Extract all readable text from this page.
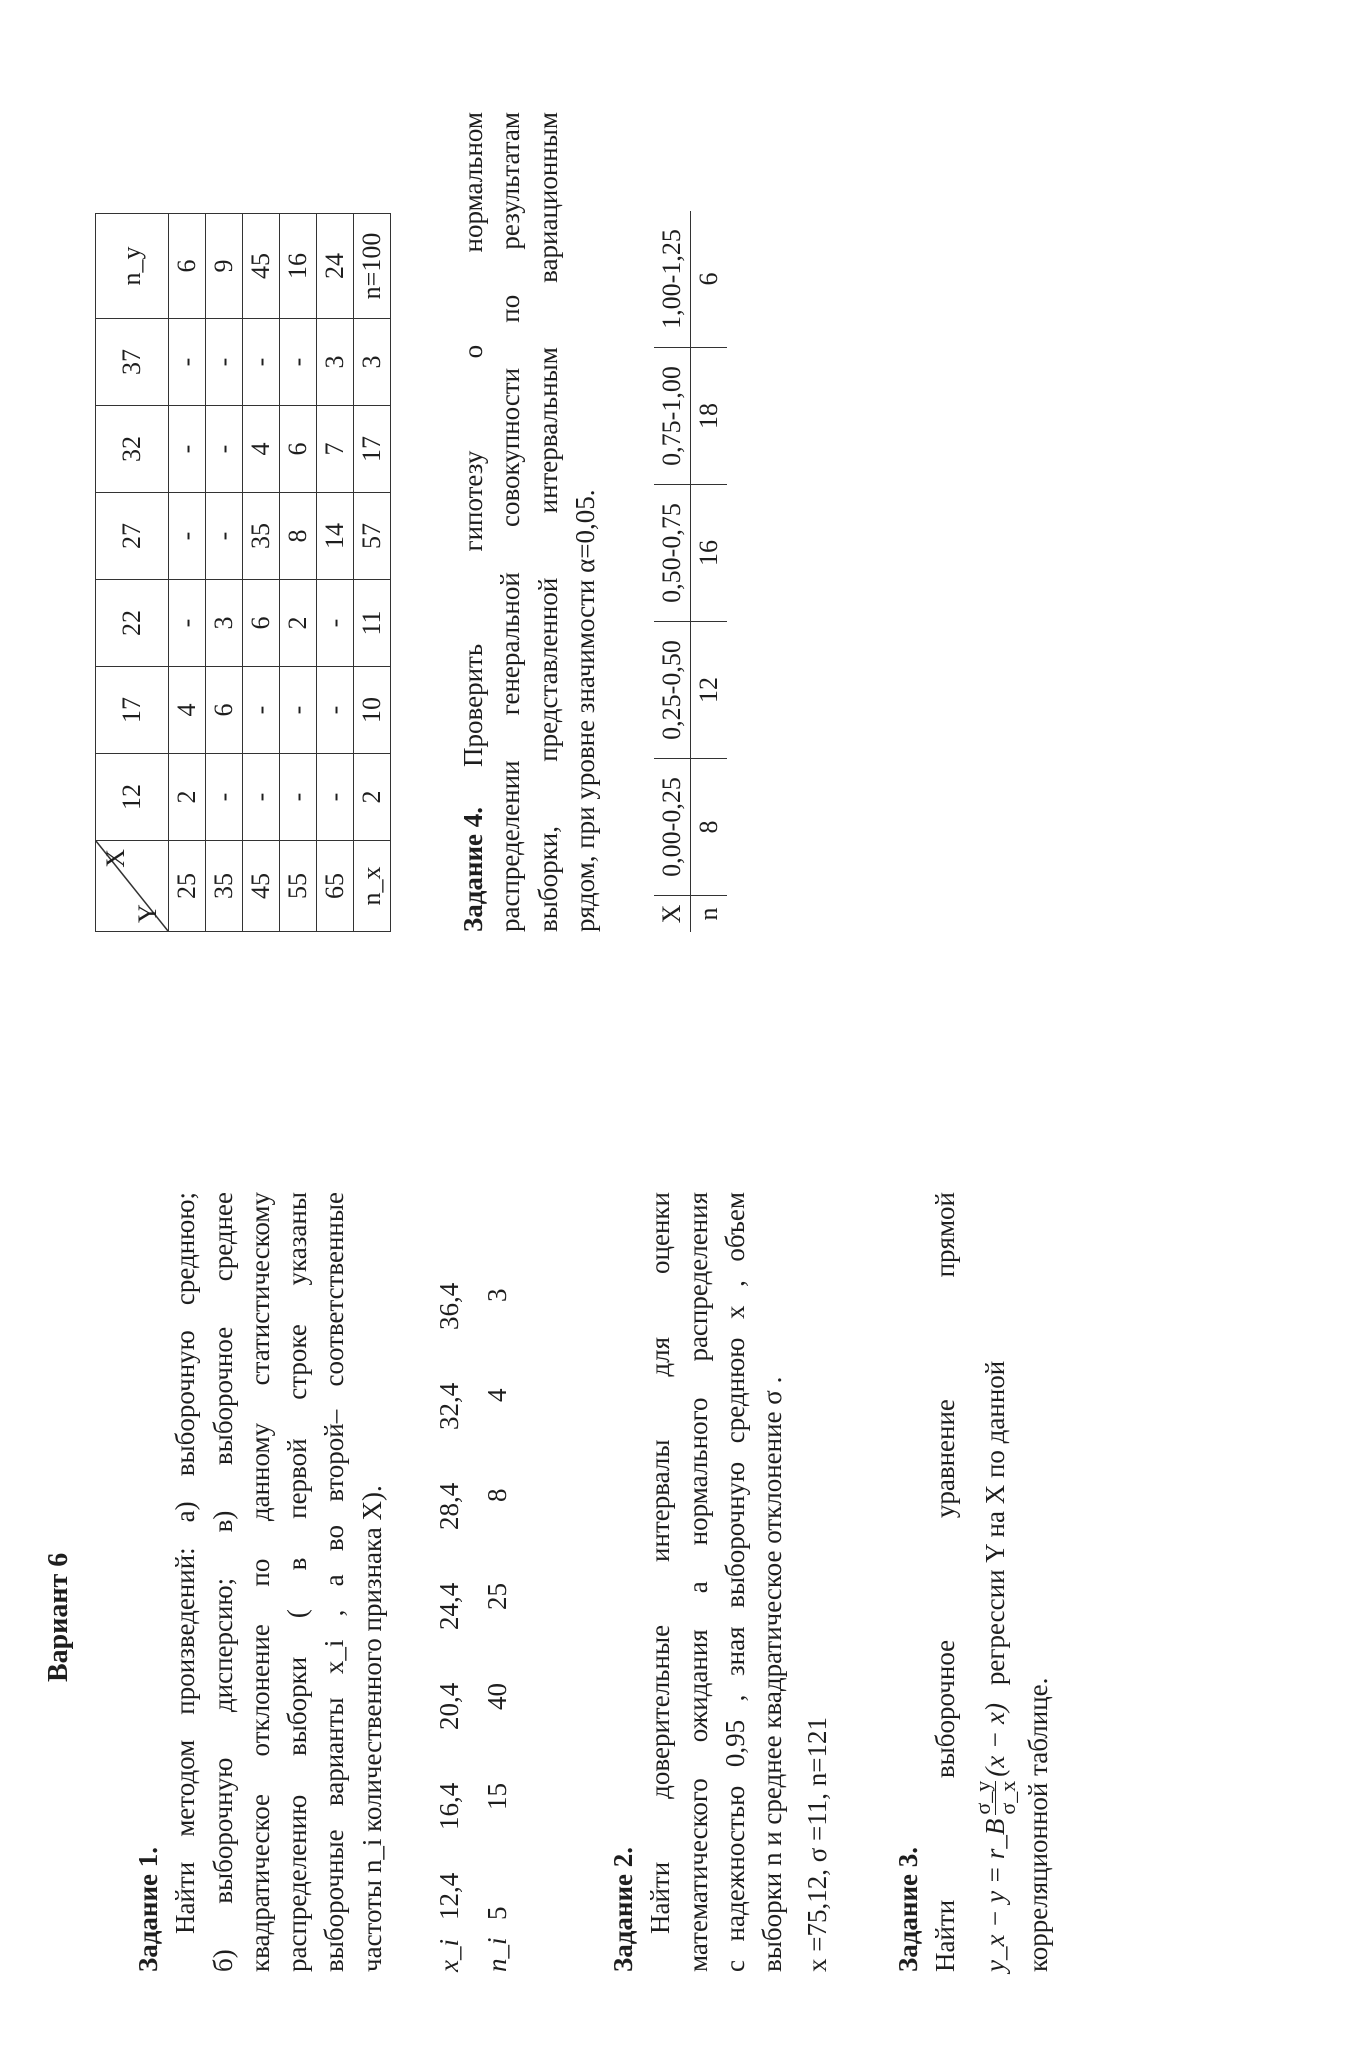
Вариант 6
Задание 1. Найти методом произведений: а) выборочную среднюю; б) выборочную дисперсию; в) выборочное среднее квадратическое отклонение по данному статистическому распределению выборки ( в первой строке указаны выборочные варианты x_i , а во второй– соответственные частоты n_i количественного признака X). x_i
12,4
16,4
20,4
24,4
28,4
32,4
36,4
n_i
5
15
40
25
8
4
3
Задание 2. Найти доверительные интервалы для оценки математического ожидания а нормального распределения с надежностью 0,95 , зная выборочную среднюю x , объем выборки n и среднее квадратическое отклонение σ . x =75,12, σ =11, n=121 Задание 3. Найти выборочное уравнение прямой y_x − y = r_B
σ_y σ_x
(x − x)
регрессии Y на X по данной
корреляционной таблице.
X
Y	12	17	22	27	32	37	n_y
25	2	4	-	-	-	-	6
35	-	6	3	-	-	-	9
45	-	-	6	35	4	-	45
55	-	-	2	8	6	-	16
65	-	-	-	14	7	3	24
n_x	2	10	11	57	17	3	n=100
Задание 4.
Проверить гипотезу о нормальном распределении генеральной совокупности по результатам выборки, представленной интервальным вариационным рядом, при уровне значимости α=0,05. X	0,00-0,25	0,25-0,50	0,50-0,75	0,75-1,00	1,00-1,25
n	8	12	16	18	6
